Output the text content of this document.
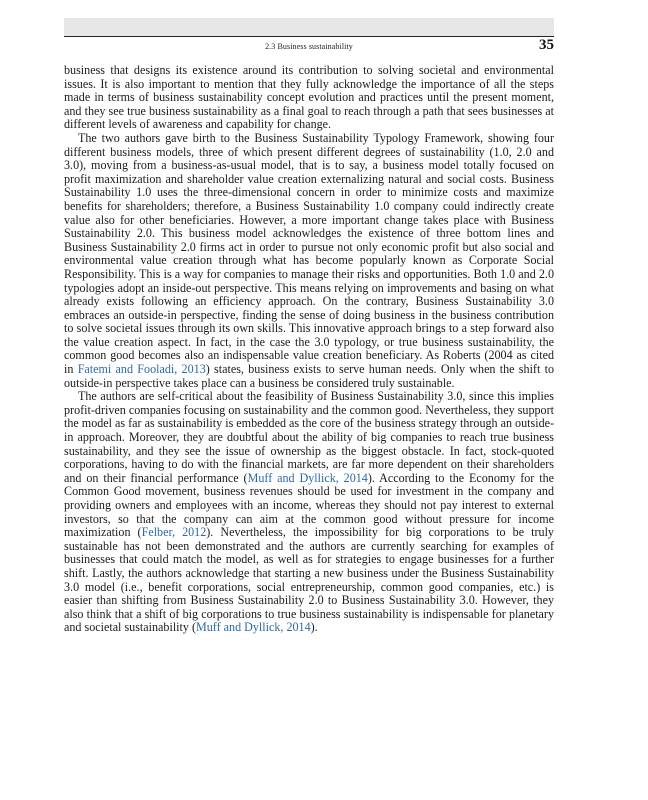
2.3 Business sustainability	35

business that designs its existence around its contribution to solving societal and environmental issues. It is also important to mention that they fully acknowledge the importance of all the steps made in terms of business sustainability concept evolution and practices until the present moment, and they see true business sustainability as a final goal to reach through a path that sees businesses at different levels of awareness and capability for change.

The two authors gave birth to the Business Sustainability Typology Framework, showing four different business models, three of which present different degrees of sustainability (1.0, 2.0 and 3.0), moving from a business-as-usual model, that is to say, a business model totally focused on profit maximization and shareholder value creation externalizing natural and social costs. Business Sustainability 1.0 uses the three-dimensional concern in order to minimize costs and maximize benefits for shareholders; therefore, a Business Sustainability 1.0 company could indirectly create value also for other beneficiaries. However, a more important change takes place with Business Sustainability 2.0. This business model acknowledges the existence of three bottom lines and Business Sustainability 2.0 firms act in order to pursue not only economic profit but also social and environmental value creation through what has become popularly known as Corporate Social Responsibility. This is a way for companies to manage their risks and opportunities. Both 1.0 and 2.0 typologies adopt an inside-out perspective. This means relying on improvements and basing on what already exists following an efficiency approach. On the contrary, Business Sustainability 3.0 embraces an outside-in perspective, finding the sense of doing business in the business contribution to solve societal issues through its own skills. This innovative approach brings to a step forward also the value creation aspect. In fact, in the case the 3.0 typology, or true business sustainability, the common good becomes also an indispensable value creation beneficiary. As Roberts (2004 as cited in Fatemi and Fooladi, 2013) states, business exists to serve human needs. Only when the shift to outside-in perspective takes place can a business be considered truly sustainable.

The authors are self-critical about the feasibility of Business Sustainability 3.0, since this implies profit-driven companies focusing on sustainability and the common good. Nevertheless, they support the model as far as sustainability is embedded as the core of the business strategy through an outside-in approach. Moreover, they are doubtful about the ability of big companies to reach true business sustainability, and they see the issue of ownership as the biggest obstacle. In fact, stock-quoted corporations, having to do with the financial markets, are far more dependent on their shareholders and on their financial performance (Muff and Dyllick, 2014). According to the Economy for the Common Good movement, business revenues should be used for investment in the company and providing owners and employees with an income, whereas they should not pay interest to external investors, so that the company can aim at the common good without pressure for income maximization (Felber, 2012). Nevertheless, the impossibility for big corporations to be truly sustainable has not been demonstrated and the authors are currently searching for examples of businesses that could match the model, as well as for strategies to engage businesses for a further shift. Lastly, the authors acknowledge that starting a new business under the Business Sustainability 3.0 model (i.e., benefit corporations, social entrepreneurship, common good companies, etc.) is easier than shifting from Business Sustainability 2.0 to Business Sustainability 3.0. However, they also think that a shift of big corporations to true business sustainability is indispensable for planetary and societal sustainability (Muff and Dyllick, 2014).
